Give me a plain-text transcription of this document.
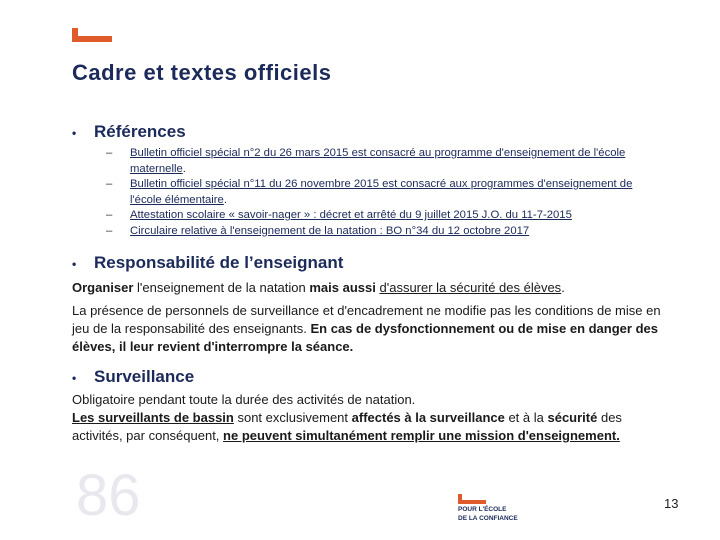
Cadre et textes officiels
• Références
– Bulletin officiel spécial n°2 du 26 mars 2015 est consacré au programme d'enseignement de l'école maternelle.
– Bulletin officiel spécial n°11 du 26 novembre 2015 est consacré aux programmes d'enseignement de l'école élémentaire.
– Attestation scolaire « savoir-nager » : décret et arrêté du 9 juillet 2015 J.O. du 11-7-2015
– Circulaire relative à l'enseignement de la natation : BO n°34 du 12 octobre 2017
• Responsabilité de l’enseignant
Organiser l'enseignement de la natation mais aussi d'assurer la sécurité des élèves.
La présence de personnels de surveillance et d'encadrement ne modifie pas les conditions de mise en jeu de la responsabilité des enseignants. En cas de dysfonctionnement ou de mise en danger des élèves, il leur revient d'interrompre la séance.
• Surveillance
Obligatoire pendant toute la durée des activités de natation.
Les surveillants de bassin sont exclusivement affectés à la surveillance et à la sécurité des activités, par conséquent, ne peuvent simultanément remplir une mission d'enseignement.
86	POUR L'ÉCOLE
DE LA CONFIANCE
13
